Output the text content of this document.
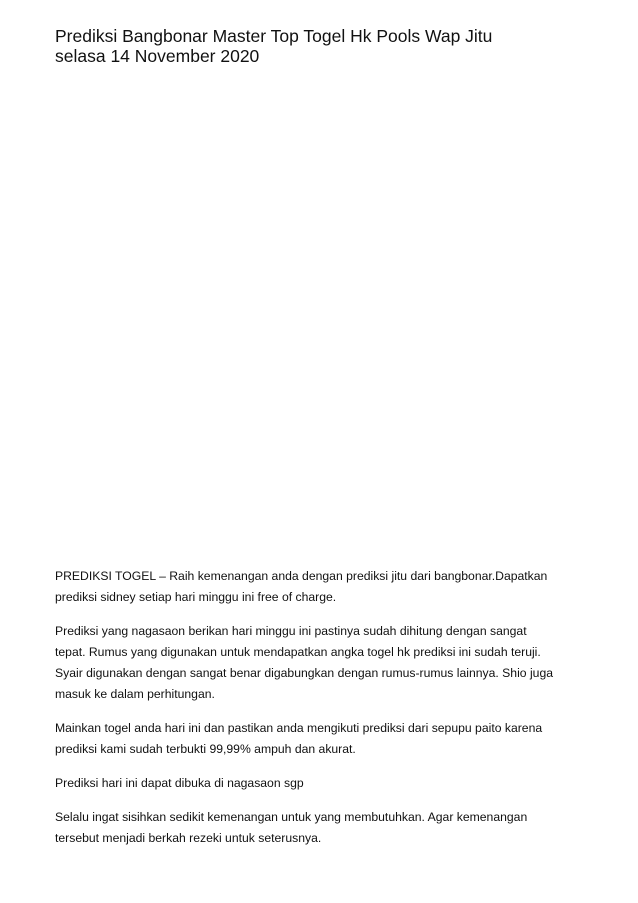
Prediksi Bangbonar Master Top Togel Hk Pools Wap Jitu
selasa 14 November 2020

PREDIKSI TOGEL – Raih kemenangan anda dengan prediksi jitu dari bangbonar.Dapatkan
prediksi sidney setiap hari minggu ini free of charge.

Prediksi yang nagasaon berikan hari minggu ini pastinya sudah dihitung dengan sangat
tepat. Rumus yang digunakan untuk mendapatkan angka togel hk prediksi ini sudah teruji.
Syair digunakan dengan sangat benar digabungkan dengan rumus-rumus lainnya. Shio juga
masuk ke dalam perhitungan.

Mainkan togel anda hari ini dan pastikan anda mengikuti prediksi dari sepupu paito karena
prediksi kami sudah terbukti 99,99% ampuh dan akurat.

Prediksi hari ini dapat dibuka di nagasaon sgp

Selalu ingat sisihkan sedikit kemenangan untuk yang membutuhkan. Agar kemenangan
tersebut menjadi berkah rezeki untuk seterusnya.
